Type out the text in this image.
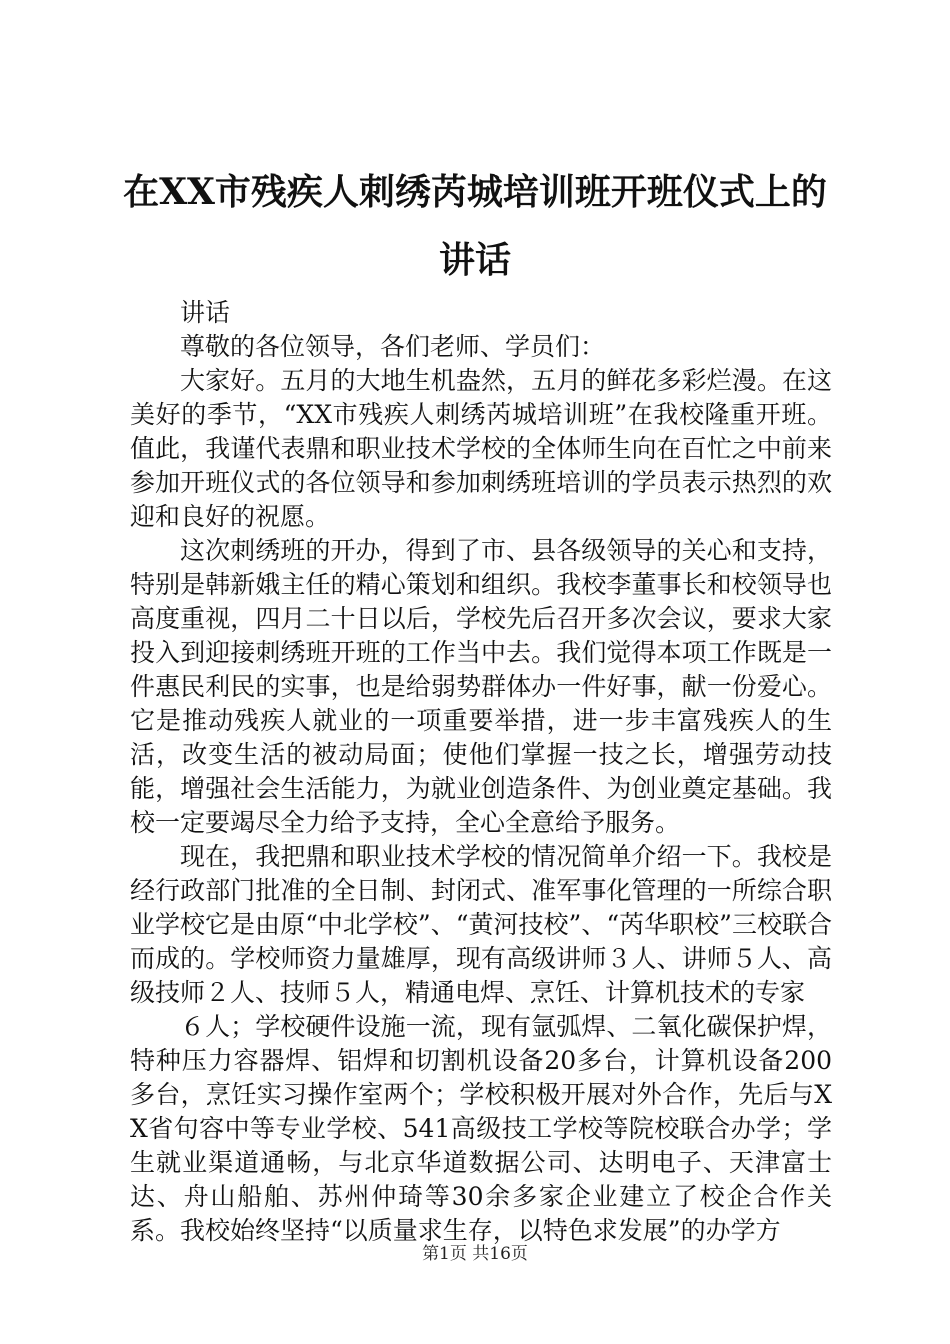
在XX市残疾人刺绣芮城培训班开班仪式上的讲话

讲话

尊敬的各位领导，各们老师、学员们：

大家好。五月的大地生机盎然，五月的鲜花多彩烂漫。在这美好的季节，“XX市残疾人刺绣芮城培训班”在我校隆重开班。值此，我谨代表鼎和职业技术学校的全体师生向在百忙之中前来参加开班仪式的各位领导和参加刺绣班培训的学员表示热烈的欢迎和良好的祝愿。

这次刺绣班的开办，得到了市、县各级领导的关心和支持，特别是韩新娥主任的精心策划和组织。我校李董事长和校领导也高度重视，四月二十日以后，学校先后召开多次会议，要求大家投入到迎接刺绣班开班的工作当中去。我们觉得本项工作既是一件惠民利民的实事，也是给弱势群体办一件好事，献一份爱心。它是推动残疾人就业的一项重要举措，进一步丰富残疾人的生活，改变生活的被动局面；使他们掌握一技之长，增强劳动技能，增强社会生活能力，为就业创造条件、为创业奠定基础。我校一定要竭尽全力给予支持，全心全意给予服务。

现在，我把鼎和职业技术学校的情况简单介绍一下。我校是经行政部门批准的全日制、封闭式、准军事化管理的一所综合职业学校它是由原“中北学校”、“黄河技校”、“芮华职校”三校联合而成的。学校师资力量雄厚，现有高级讲师３人、讲师５人、高级技师２人、技师５人，精通电焊、烹饪、计算机技术的专家

６人；学校硬件设施一流，现有氩弧焊、二氧化碳保护焊，特种压力容器焊、铝焊和切割机设备20多台，计算机设备200多台，烹饪实习操作室两个；学校积极开展对外合作，先后与XX省句容中等专业学校、541高级技工学校等院校联合办学；学生就业渠道通畅，与北京华道数据公司、达明电子、天津富士达、舟山船舶、苏州仲琦等30余多家企业建立了校企合作关系。我校始终坚持“以质量求生存，以特色求发展”的办学方

第1页 共16页
